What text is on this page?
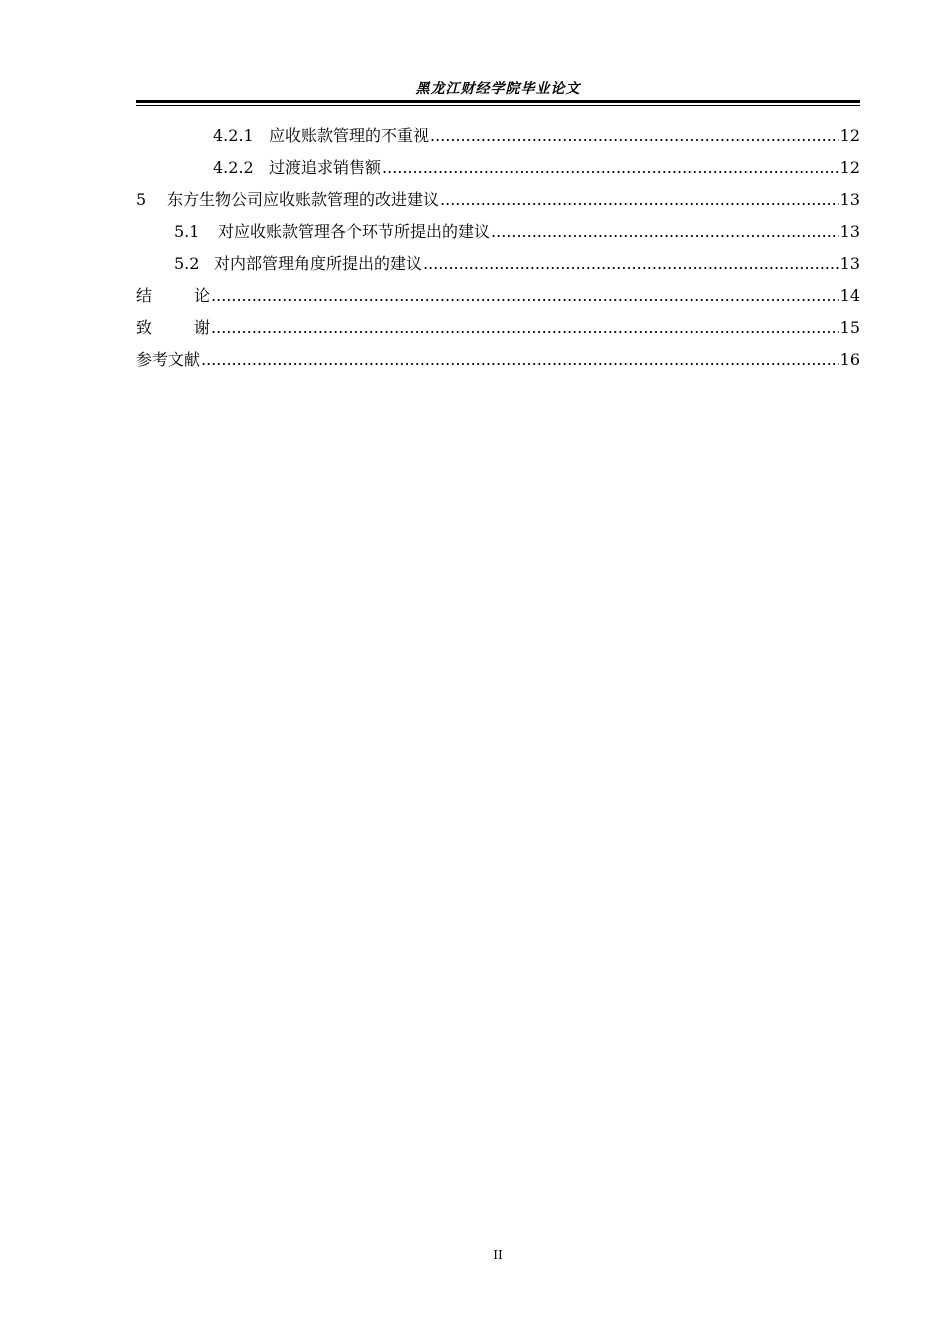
黑龙江财经学院毕业论文
4.2.1 应收账款管理的不重视 .....	12
4.2.2 过渡追求销售额 .....	12
5	东方生物公司应收账款管理的改进建议 .....	13
5.1	对应收账款管理各个环节所提出的建议 .....	13
5.2 对内部管理角度所提出的建议 .....	13
结论 .....	14
致谢 .....	15
参考文献 .....	16
II
